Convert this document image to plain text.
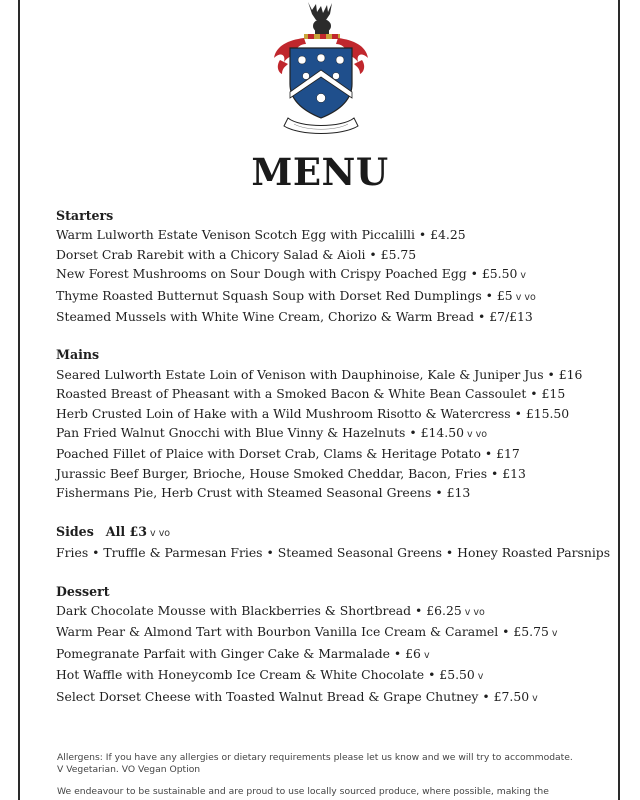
MENU
Starters
Warm Lulworth Estate Venison Scotch Egg with Piccalilli • £4.25
Dorset Crab Rarebit with a Chicory Salad & Aioli • £5.75
New Forest Mushrooms on Sour Dough with Crispy Poached Egg • £5.50 v
Thyme Roasted Butternut Squash Soup with Dorset Red Dumplings • £5 v vo
Steamed Mussels with White Wine Cream, Chorizo & Warm Bread • £7/£13
Mains
Seared Lulworth Estate Loin of Venison with Dauphinoise, Kale & Juniper Jus • £16
Roasted Breast of Pheasant with a Smoked Bacon & White Bean Cassoulet • £15
Herb Crusted Loin of Hake with a Wild Mushroom Risotto & Watercress • £15.50
Pan Fried Walnut Gnocchi with Blue Vinny & Hazelnuts • £14.50 v vo
Poached Fillet of Plaice with Dorset Crab, Clams & Heritage Potato • £17
Jurassic Beef Burger, Brioche, House Smoked Cheddar, Bacon, Fries • £13
Fishermans Pie, Herb Crust with Steamed Seasonal Greens • £13
Sides All £3 v vo
Fries • Truffle & Parmesan Fries • Steamed Seasonal Greens • Honey Roasted Parsnips
Dessert
Dark Chocolate Mousse with Blackberries & Shortbread • £6.25 v vo
Warm Pear & Almond Tart with Bourbon Vanilla Ice Cream & Caramel • £5.75 v
Pomegranate Parfait with Ginger Cake & Marmalade • £6 v
Hot Waffle with Honeycomb Ice Cream & White Chocolate • £5.50 v
Select Dorset Cheese with Toasted Walnut Bread & Grape Chutney • £7.50 v

Allergens: If you have any allergies or dietary requirements please let us know and we will try to accommodate.

V Vegetarian. VO Vegan Option

We endeavour to be sustainable and are proud to use locally sourced produce, where possible, making the
